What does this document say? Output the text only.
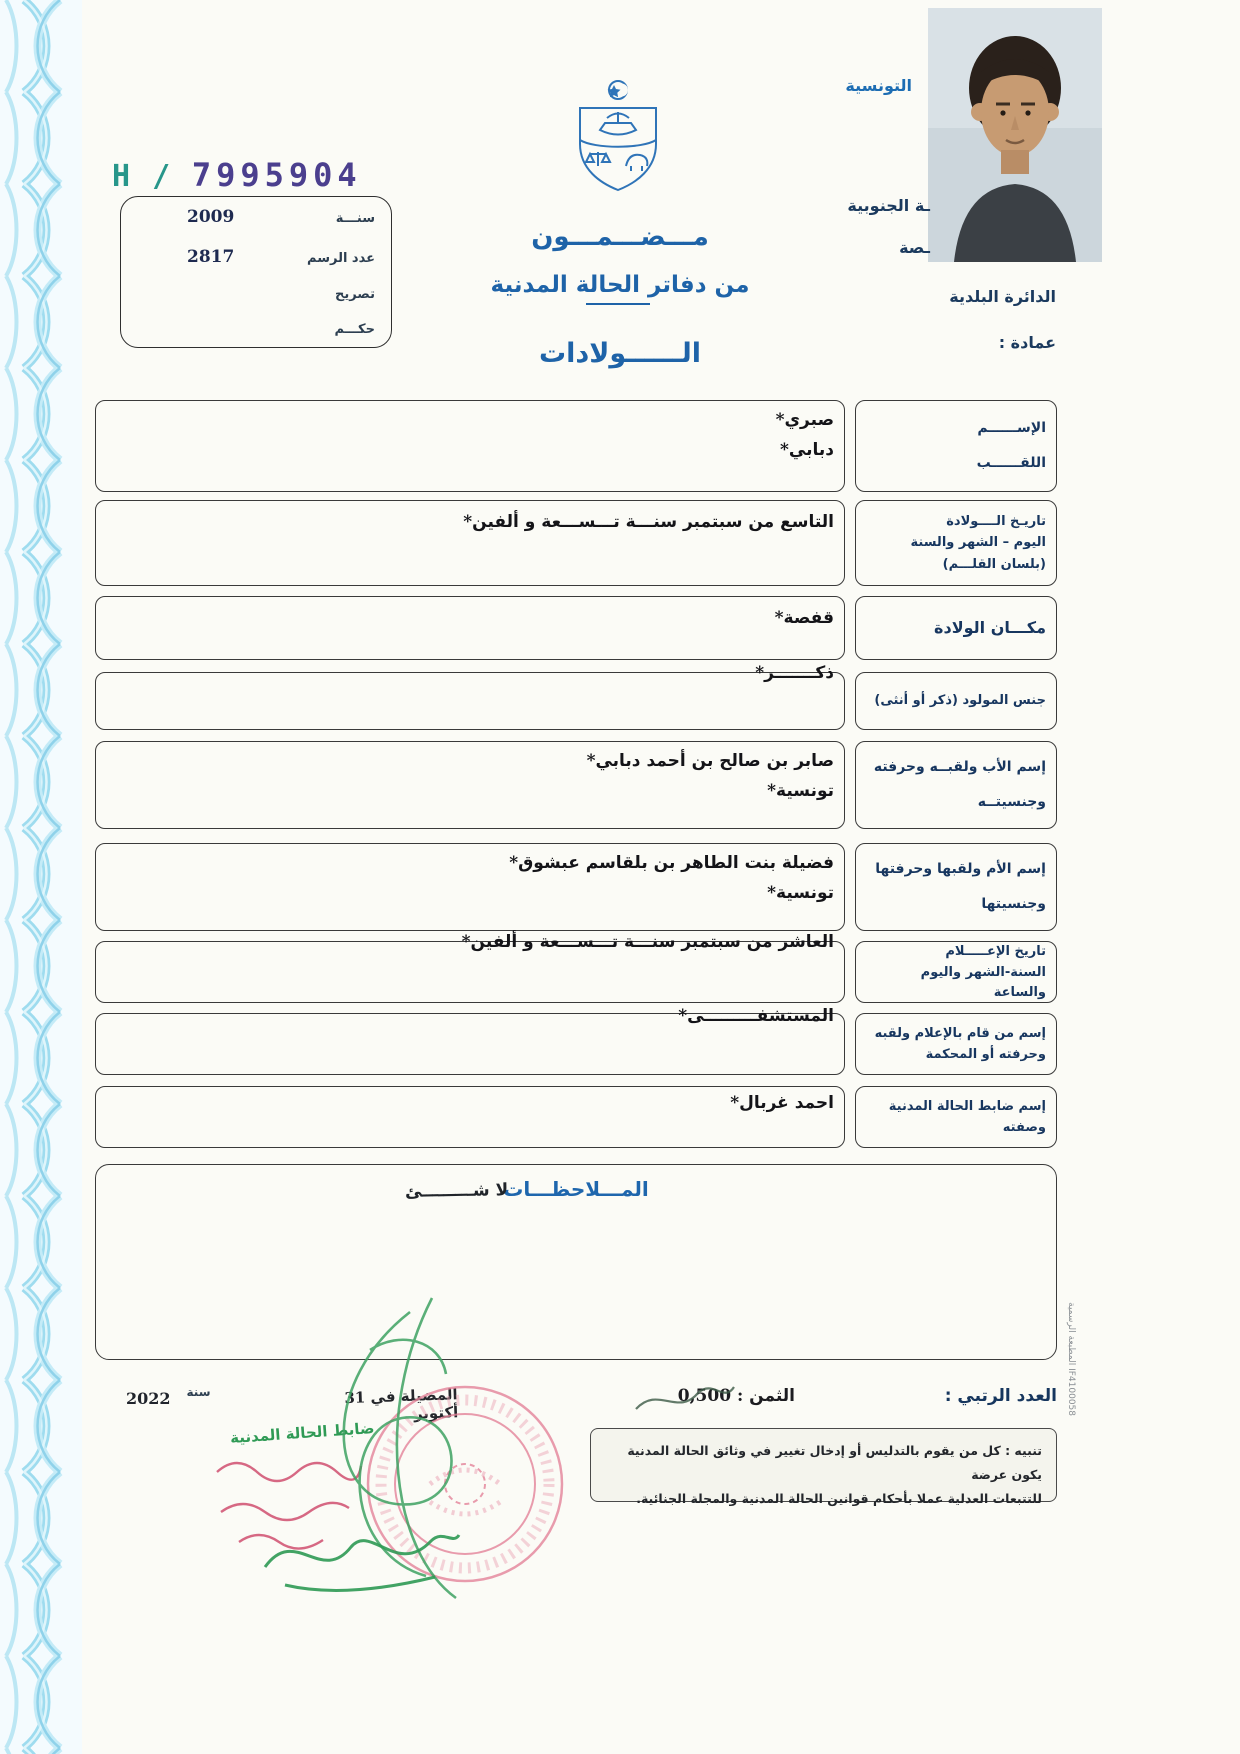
H / 7995904
سنـــة
2009
عدد الرسم
2817
تصريح
حكـــم
مـــضـــمـــون
من دفاتر الحالة المدنية
الــــــولادات
التونسية
ـة الجنوبية
ـصة
الدائرة البلدية
عمادة :
الإســــــم
اللقــــــب
صبري*
دبابي*
تاريـخ الــــولادة
اليوم – الشهر والسنة
(بلسان القلـــم)
التاسع من سبتمبر سنـــة تـــســـعة و ألفين*
مكـــان الولادة
قفصة*
جنس المولود (ذكر أو أنثى)
ذكـــــــر*
إسم الأب ولقبــه وحرفته
وجنسيتــه
صابر بن صالح بن أحمد دبابي*
تونسية*
إسم الأم ولقبها وحرفتها
وجنسيتها
فضيلة بنت الطاهر بن بلقاسم عبشوق*
تونسية*
تاريخ الإعـــــلام
السنة-الشهر واليوم والساعة
العاشر من سبتمبر سنـــة تـــســـعة و ألفين*
إسم من قام بالإعلام ولقبه
وحرفته أو المحكمة
المستشفـــــــــى*
إسم ضابط الحالة المدنية
وصفته
احمد غربال*
المـــلاحظـــات
لا شـــــــــئ
العدد الرتبي :
الثمن : 0,500
تنبيه : كل من يقوم بالتدليس أو إدخال تغيير في وثائق الحالة المدنية يكون عرضة
للتتبعات العدلية عملا بأحكام قوانين الحالة المدنية والمجلة الجنائية.
سنة
2022	المضيلة في 31 أكتوبر
ضابط الحالة المدنية
IF4100058 المطبعة الرسمية
